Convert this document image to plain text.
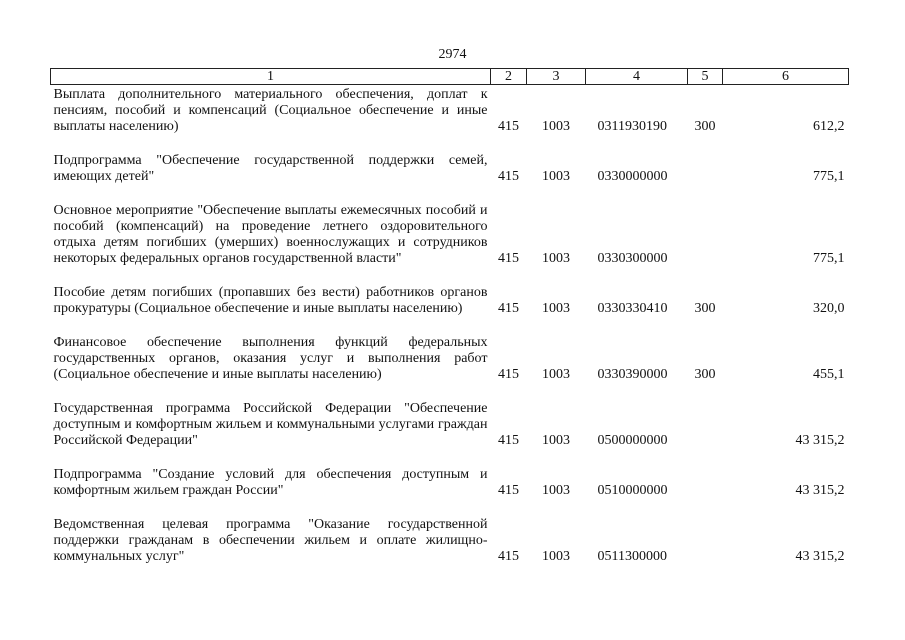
2974
1	2	3	4	5	6

Выплата дополнительного материального обеспечения, доплат к пенсиям, пособий и компенсаций (Социальное обеспечение и иные выплаты населению)	415	1003	0311930190	300	612,2

Подпрограмма "Обеспечение государственной поддержки семей, имеющих детей"	415	1003	0330000000		775,1

Основное мероприятие "Обеспечение выплаты ежемесячных пособий и пособий (компенсаций) на проведение летнего оздоровительного отдыха детям погибших (умерших) военнослужащих и сотрудников некоторых федеральных органов государственной власти"	415	1003	0330300000		775,1

Пособие детям погибших (пропавших без вести) работников органов прокуратуры (Социальное обеспечение и иные выплаты населению)	415	1003	0330330410	300	320,0

Финансовое обеспечение выполнения функций федеральных государственных органов, оказания услуг и выполнения работ (Социальное обеспечение и иные выплаты населению)	415	1003	0330390000	300	455,1

Государственная программа Российской Федерации "Обеспечение доступным и комфортным жильем и коммунальными услугами граждан Российской Федерации"	415	1003	0500000000		43 315,2

Подпрограмма "Создание условий для обеспечения доступным и комфортным жильем граждан России"	415	1003	0510000000		43 315,2

Ведомственная целевая программа "Оказание государственной поддержки гражданам в обеспечении жильем и оплате жилищно-коммунальных услуг"	415	1003	0511300000		43 315,2
